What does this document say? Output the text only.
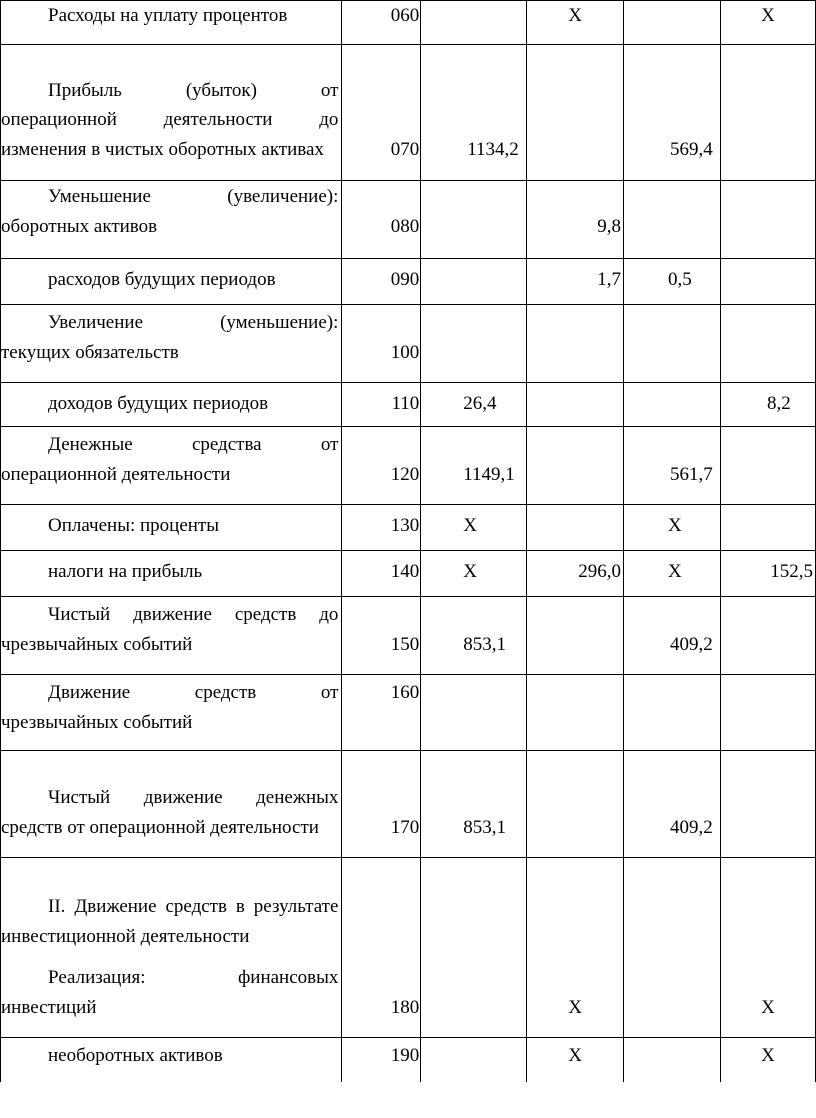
Расходы на уплату процентов	060		X		X
Прибыль (убыток) от операционной деятельности до изменения в чистых оборотных активах	070	1134,2		569,4	
Уменьшение (увеличение): оборотных активов	080		9,8		

расходов будущих периодов	090		1,7	0,5	
Увеличение (уменьшение): текущих обязательств	100				

доходов будущих периодов	110	26,4			8,2
Денежные средства от операционной деятельности	120	1149,1		561,7	

Оплачены: проценты	130	X		X	

налоги на прибыль	140	X	296,0	X	152,5
Чистый движение средств до чрезвычайных событий	150	853,1		409,2	
Движение средств от чрезвычайных событий	160				
Чистый движение денежных средств от операционной деятельности	170	853,1		409,2	

II. Движение средств в результате инвестиционной деятельности
Реализация: финансовых инвестиций	180		X		X
необоротных активов	190		X		X
